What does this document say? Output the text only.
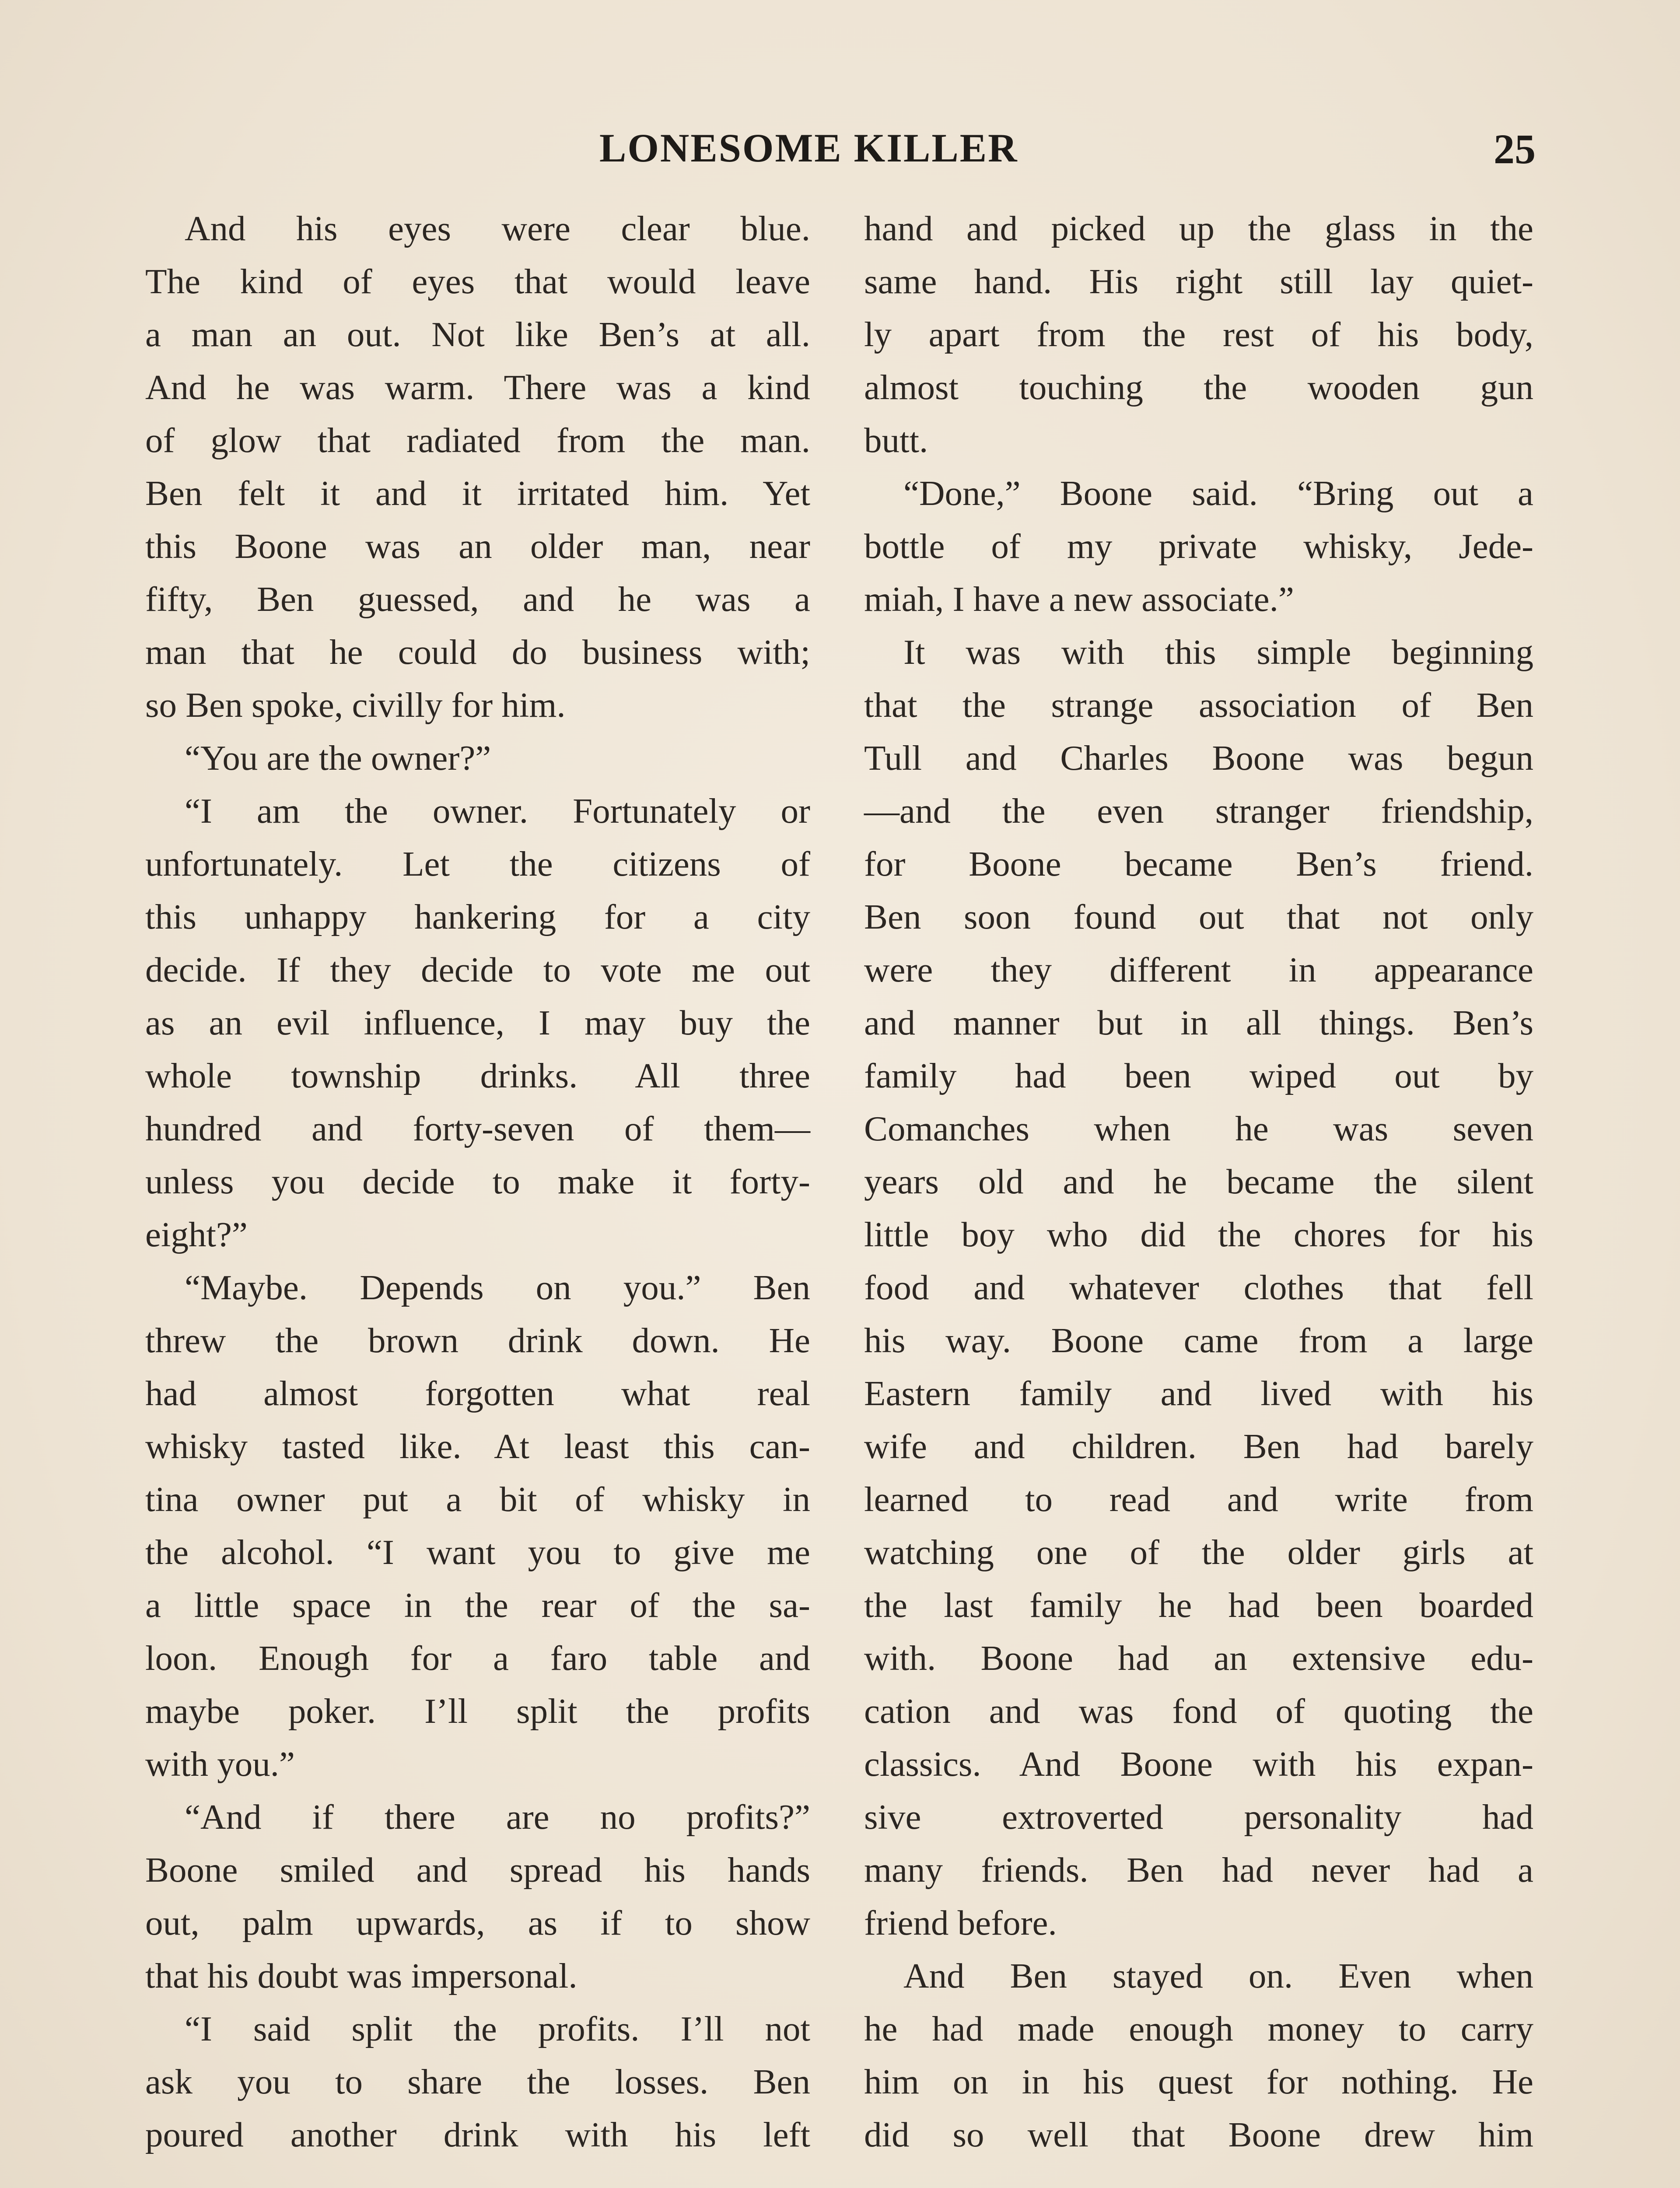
LONESOME KILLER	25
And his eyes were clear blue.
The kind of eyes that would leave
a man an out. Not like Ben’s at all.
And he was warm. There was a kind
of glow that radiated from the man.
Ben felt it and it irritated him. Yet
this Boone was an older man, near
fifty, Ben guessed, and he was a
man that he could do business with;
so Ben spoke, civilly for him.
“You are the owner?”
“I am the owner. Fortunately or
unfortunately. Let the citizens of
this unhappy hankering for a city
decide. If they decide to vote me out
as an evil influence, I may buy the
whole township drinks. All three
hundred and forty-seven of them—
unless you decide to make it forty-
eight?”
“Maybe. Depends on you.” Ben
threw the brown drink down. He
had almost forgotten what real
whisky tasted like. At least this can-
tina owner put a bit of whisky in
the alcohol. “I want you to give me
a little space in the rear of the sa-
loon. Enough for a faro table and
maybe poker. I’ll split the profits
with you.”
“And if there are no profits?”
Boone smiled and spread his hands
out, palm upwards, as if to show
that his doubt was impersonal.
“I said split the profits. I’ll not
ask you to share the losses. Ben
poured another drink with his left
hand and picked up the glass in the
same hand. His right still lay quiet-
ly apart from the rest of his body,
almost touching the wooden gun
butt.
“Done,” Boone said. “Bring out a
bottle of my private whisky, Jede-
miah, I have a new associate.”
It was with this simple beginning
that the strange association of Ben
Tull and Charles Boone was begun
—and the even stranger friendship,
for Boone became Ben’s friend.
Ben soon found out that not only
were they different in appearance
and manner but in all things. Ben’s
family had been wiped out by
Comanches when he was seven
years old and he became the silent
little boy who did the chores for his
food and whatever clothes that fell
his way. Boone came from a large
Eastern family and lived with his
wife and children. Ben had barely
learned to read and write from
watching one of the older girls at
the last family he had been boarded
with. Boone had an extensive edu-
cation and was fond of quoting the
classics. And Boone with his expan-
sive extroverted personality had
many friends. Ben had never had a
friend before.
And Ben stayed on. Even when
he had made enough money to carry
him on in his quest for nothing. He
did so well that Boone drew him
